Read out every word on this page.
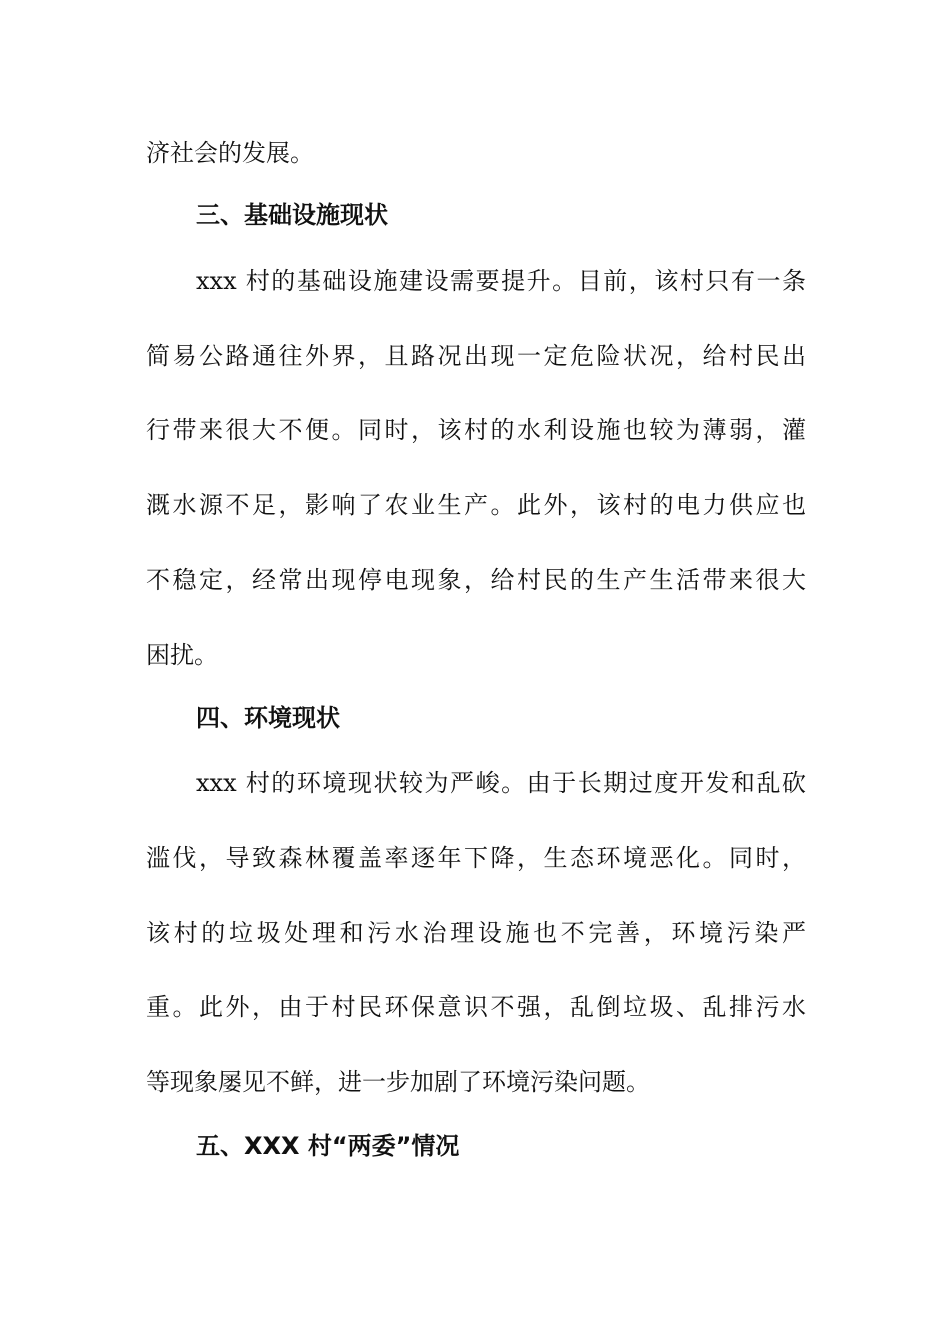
济社会的发展。
三、基础设施现状
xxx 村的基础设施建设需要提升。目前，该村只有一条
简易公路通往外界，且路况出现一定危险状况，给村民出
行带来很大不便。同时，该村的水利设施也较为薄弱，灌
溉水源不足，影响了农业生产。此外，该村的电力供应也
不稳定，经常出现停电现象，给村民的生产生活带来很大
困扰。
四、环境现状
xxx 村的环境现状较为严峻。由于长期过度开发和乱砍
滥伐，导致森林覆盖率逐年下降，生态环境恶化。同时，
该村的垃圾处理和污水治理设施也不完善，环境污染严
重。此外，由于村民环保意识不强，乱倒垃圾、乱排污水
等现象屡见不鲜，进一步加剧了环境污染问题。
五、XXX 村“两委”情况
